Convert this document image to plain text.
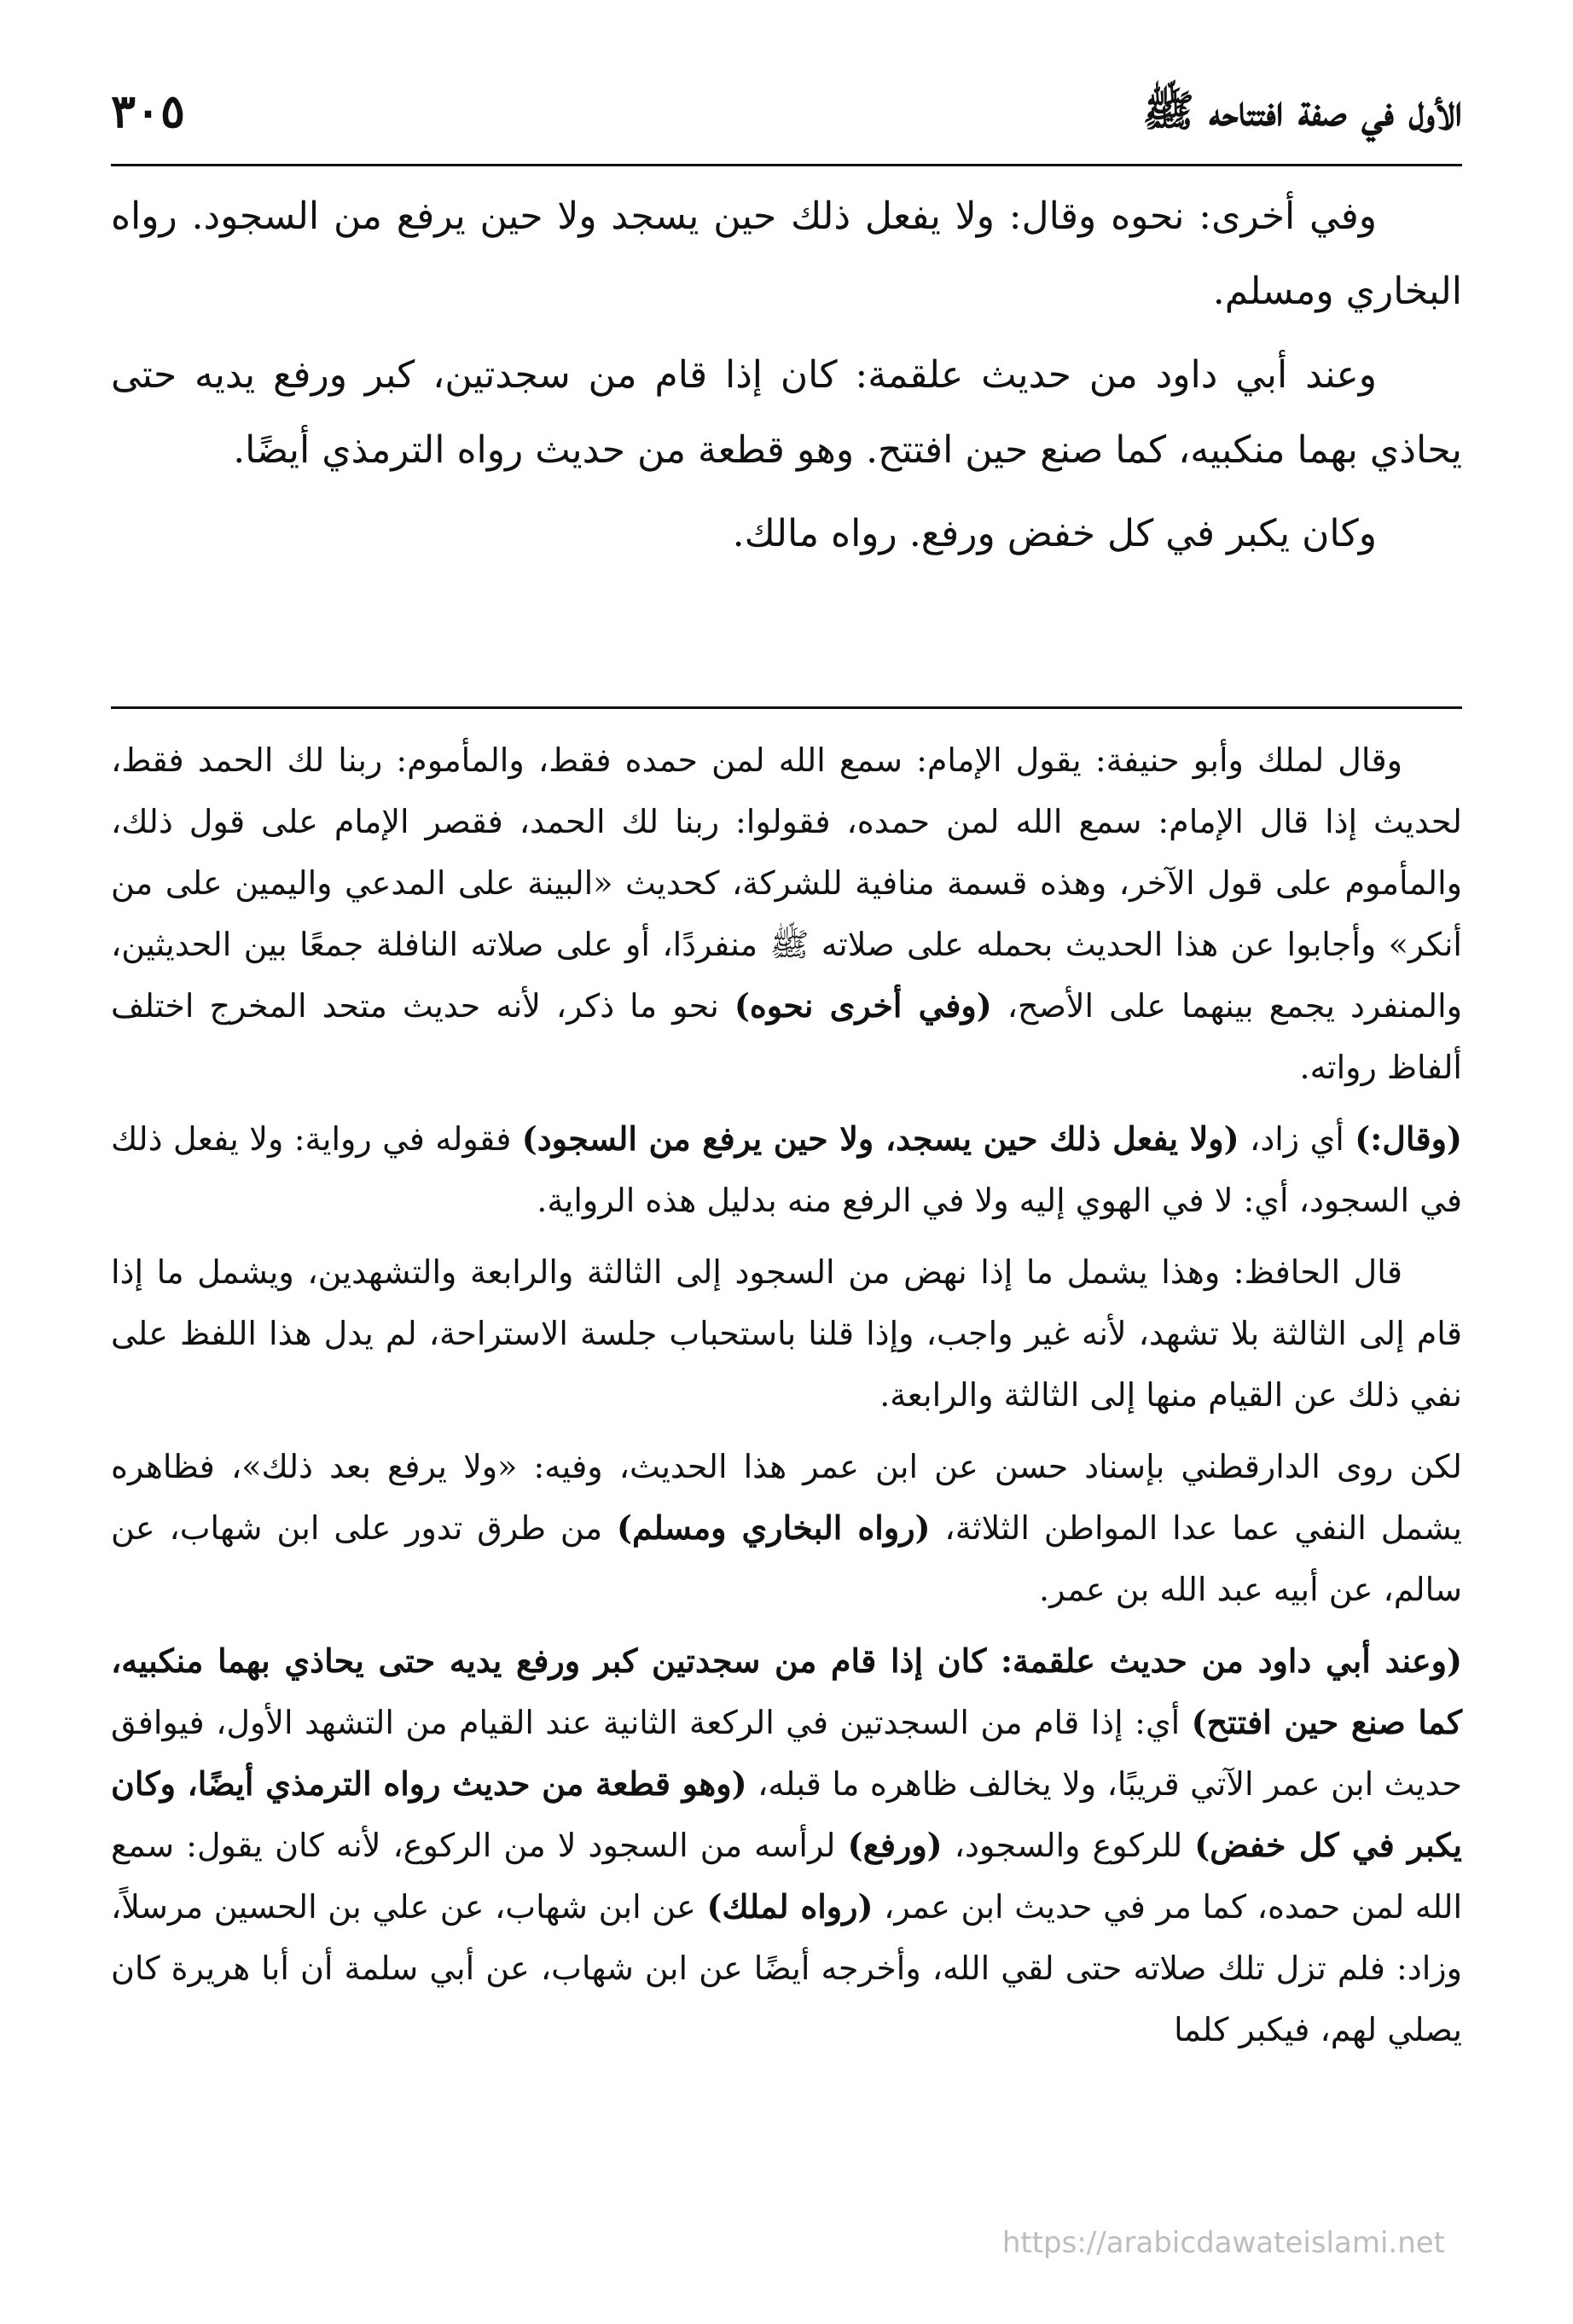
الأول في صفة افتتاحه ﷺ
٣٠٥

وفي أخرى: نحوه وقال: ولا يفعل ذلك حين يسجد ولا حين يرفع من السجود. رواه البخاري ومسلم.

وعند أبي داود من حديث علقمة: كان إذا قام من سجدتين، كبر ورفع يديه حتى يحاذي بهما منكبيه، كما صنع حين افتتح. وهو قطعة من حديث رواه الترمذي أيضًا.

وكان يكبر في كل خفض ورفع. رواه مالك.

وقال لملك وأبو حنيفة: يقول الإمام: سمع الله لمن حمده فقط، والمأموم: ربنا لك الحمد فقط، لحديث إذا قال الإمام: سمع الله لمن حمده، فقولوا: ربنا لك الحمد، فقصر الإمام على قول ذلك، والمأموم على قول الآخر، وهذه قسمة منافية للشركة، كحديث «البينة على المدعي واليمين على من أنكر» وأجابوا عن هذا الحديث بحمله على صلاته ﷺ منفردًا، أو على صلاته النافلة جمعًا بين الحديثين، والمنفرد يجمع بينهما على الأصح، (وفي أخرى نحوه) نحو ما ذكر، لأنه حديث متحد المخرج اختلف ألفاظ رواته.

(وقال:) أي زاد، (ولا يفعل ذلك حين يسجد، ولا حين يرفع من السجود) فقوله في رواية: ولا يفعل ذلك في السجود، أي: لا في الهوي إليه ولا في الرفع منه بدليل هذه الرواية.

قال الحافظ: وهذا يشمل ما إذا نهض من السجود إلى الثالثة والرابعة والتشهدين، ويشمل ما إذا قام إلى الثالثة بلا تشهد، لأنه غير واجب، وإذا قلنا باستحباب جلسة الاستراحة، لم يدل هذا اللفظ على نفي ذلك عن القيام منها إلى الثالثة والرابعة.

لكن روى الدارقطني بإسناد حسن عن ابن عمر هذا الحديث، وفيه: «ولا يرفع بعد ذلك»، فظاهره يشمل النفي عما عدا المواطن الثلاثة، (رواه البخاري ومسلم) من طرق تدور على ابن شهاب، عن سالم، عن أبيه عبد الله بن عمر.

(وعند أبي داود من حديث علقمة: كان إذا قام من سجدتين كبر ورفع يديه حتى يحاذي بهما منكبيه، كما صنع حين افتتح) أي: إذا قام من السجدتين في الركعة الثانية عند القيام من التشهد الأول، فيوافق حديث ابن عمر الآتي قريبًا، ولا يخالف ظاهره ما قبله، (وهو قطعة من حديث رواه الترمذي أيضًا، وكان يكبر في كل خفض) للركوع والسجود، (ورفع) لرأسه من السجود لا من الركوع، لأنه كان يقول: سمع الله لمن حمده، كما مر في حديث ابن عمر، (رواه لملك) عن ابن شهاب، عن علي بن الحسين مرسلاً، وزاد: فلم تزل تلك صلاته حتى لقي الله، وأخرجه أيضًا عن ابن شهاب، عن أبي سلمة أن أبا هريرة كان يصلي لهم، فيكبر كلما

https://arabicdawateislami.net
